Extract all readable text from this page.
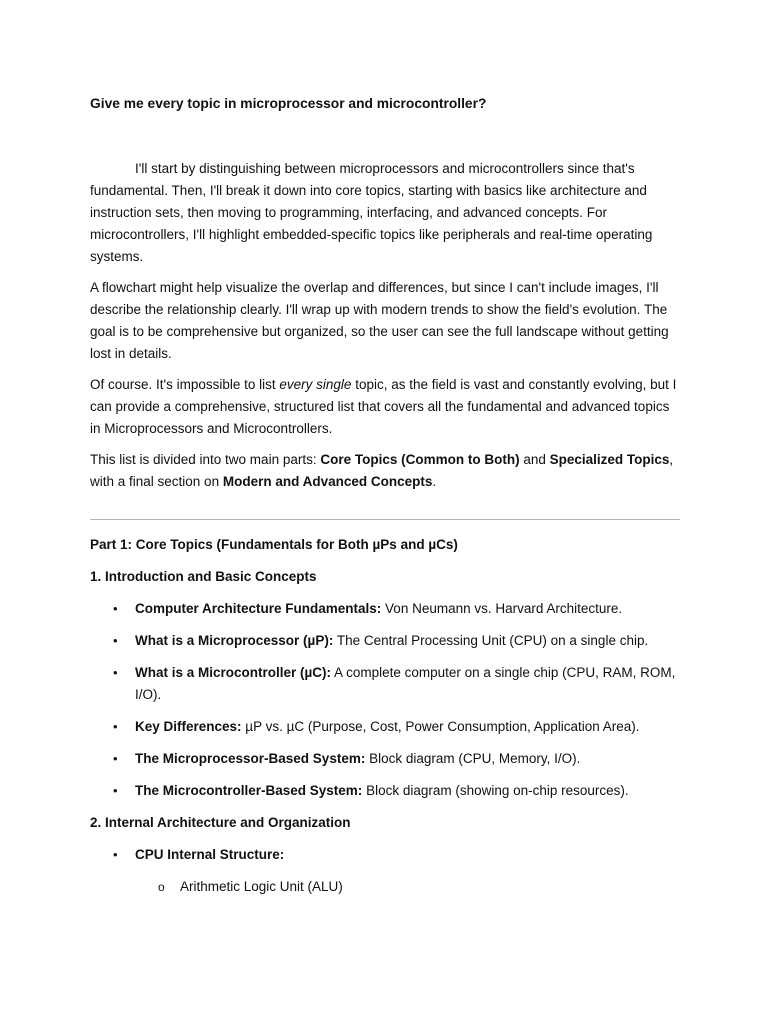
Give me every topic in microprocessor and microcontroller?

I'll start by distinguishing between microprocessors and microcontrollers since that's fundamental. Then, I'll break it down into core topics, starting with basics like architecture and instruction sets, then moving to programming, interfacing, and advanced concepts. For microcontrollers, I'll highlight embedded-specific topics like peripherals and real-time operating systems.

A flowchart might help visualize the overlap and differences, but since I can't include images, I'll describe the relationship clearly. I'll wrap up with modern trends to show the field's evolution. The goal is to be comprehensive but organized, so the user can see the full landscape without getting lost in details.

Of course. It's impossible to list every single topic, as the field is vast and constantly evolving, but I can provide a comprehensive, structured list that covers all the fundamental and advanced topics in Microprocessors and Microcontrollers.

This list is divided into two main parts: Core Topics (Common to Both) and Specialized Topics, with a final section on Modern and Advanced Concepts.

Part 1: Core Topics (Fundamentals for Both µPs and µCs)

1. Introduction and Basic Concepts

• Computer Architecture Fundamentals: Von Neumann vs. Harvard Architecture.
• What is a Microprocessor (µP): The Central Processing Unit (CPU) on a single chip.
• What is a Microcontroller (µC): A complete computer on a single chip (CPU, RAM, ROM, I/O).
• Key Differences: µP vs. µC (Purpose, Cost, Power Consumption, Application Area).
• The Microprocessor-Based System: Block diagram (CPU, Memory, I/O).
• The Microcontroller-Based System: Block diagram (showing on-chip resources).

2. Internal Architecture and Organization

• CPU Internal Structure:
o Arithmetic Logic Unit (ALU)
